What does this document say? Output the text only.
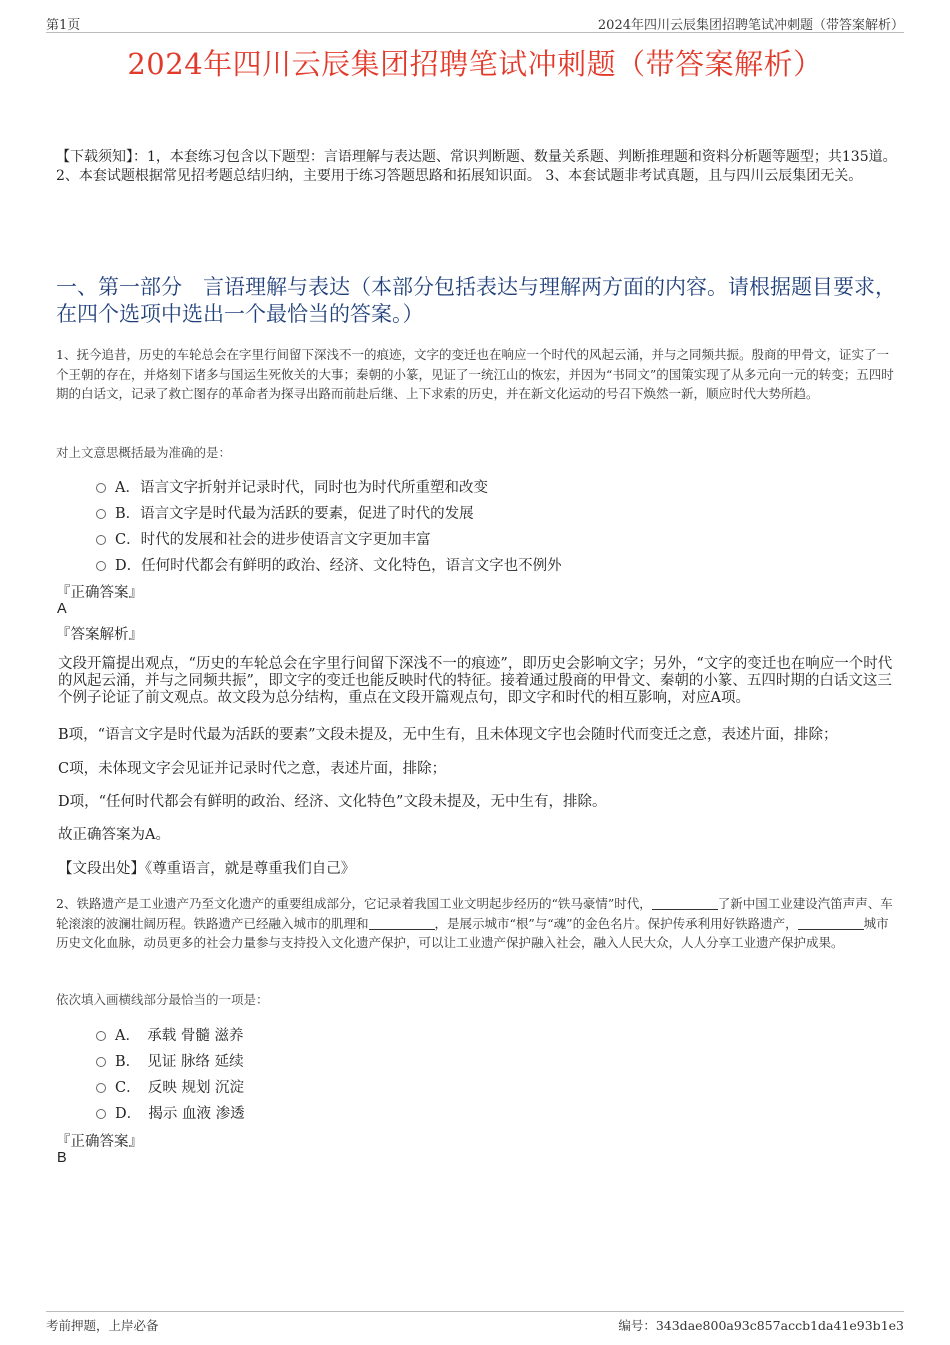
第1页	2024年四川云辰集团招聘笔试冲刺题（带答案解析）
2024年四川云辰集团招聘笔试冲刺题（带答案解析）
【下载须知】：1，本套练习包含以下题型：言语理解与表达题、常识判断题、数量关系题、判断推理题和资料分析题等题型；共135道。 2、本套试题根据常见招考题总结归纳，主要用于练习答题思路和拓展知识面。 3、本套试题非考试真题，且与四川云辰集团无关。
一、第一部分　言语理解与表达（本部分包括表达与理解两方面的内容。请根据题目要求，在四个选项中选出一个最恰当的答案。）
1、抚今追昔，历史的车轮总会在字里行间留下深浅不一的痕迹，文字的变迁也在响应一个时代的风起云涌，并与之同频共振。殷商的甲骨文，证实了一个王朝的存在，并烙刻下诸多与国运生死攸关的大事；秦朝的小篆，见证了一统江山的恢宏，并因为“书同文”的国策实现了从多元向一元的转变；五四时期的白话文，记录了救亡图存的革命者为探寻出路而前赴后继、上下求索的历史，并在新文化运动的号召下焕然一新，顺应时代大势所趋。
对上文意思概括最为准确的是：
A．语言文字折射并记录时代，同时也为时代所重塑和改变
B．语言文字是时代最为活跃的要素，促进了时代的发展
C．时代的发展和社会的进步使语言文字更加丰富
D．任何时代都会有鲜明的政治、经济、文化特色，语言文字也不例外
『正确答案』
A
『答案解析』
文段开篇提出观点，“历史的车轮总会在字里行间留下深浅不一的痕迹”，即历史会影响文字；另外，“文字的变迁也在响应一个时代的风起云涌，并与之同频共振”，即文字的变迁也能反映时代的特征。接着通过殷商的甲骨文、秦朝的小篆、五四时期的白话文这三个例子论证了前文观点。故文段为总分结构，重点在文段开篇观点句，即文字和时代的相互影响，对应A项。
B项，“语言文字是时代最为活跃的要素”文段未提及，无中生有，且未体现文字也会随时代而变迁之意，表述片面，排除；
C项，未体现文字会见证并记录时代之意，表述片面，排除；
D项，“任何时代都会有鲜明的政治、经济、文化特色”文段未提及，无中生有，排除。
故正确答案为A。
【文段出处】《尊重语言，就是尊重我们自己》
2、铁路遗产是工业遗产乃至文化遗产的重要组成部分，它记录着我国工业文明起步经历的“铁马豪情”时代，	了新中国工业建设汽笛声声、车轮滚滚的波澜壮阔历程。铁路遗产已经融入城市的肌理和	，是展示城市“根”与“魂”的金色名片。保护传承利用好铁路遗产，	城市历史文化血脉，动员更多的社会力量参与支持投入文化遗产保护，可以让工业遗产保护融入社会，融入人民大众，人人分享工业遗产保护成果。
依次填入画横线部分最恰当的一项是：
A．　承载 骨髓 滋养
B．　见证 脉络 延续
C．　反映 规划 沉淀
D．　揭示 血液 渗透
『正确答案』
B
考前押题，上岸必备	编号：343dae800a93c857accb1da41e93b1e3
